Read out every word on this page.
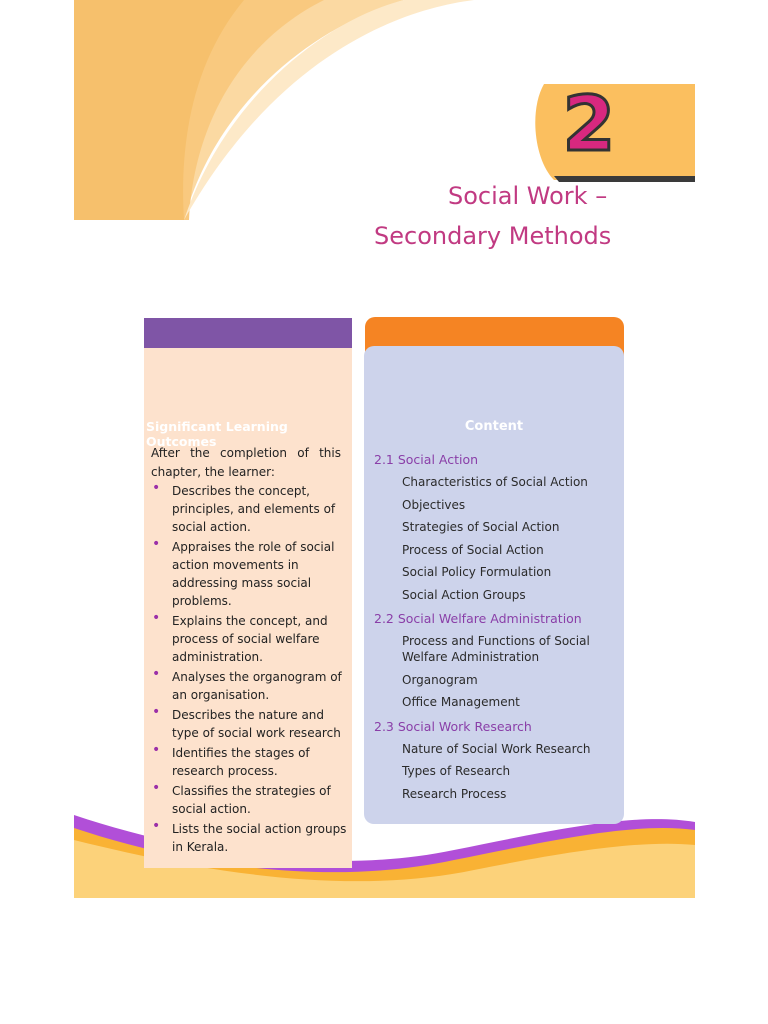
2
Social Work –
Secondary Methods
Significant Learning Outcomes
After the completion of this chapter, the learner:
• Describes the concept, principles, and elements of social action.
• Appraises the role of social action movements in addressing mass social problems.
• Explains the concept, and process of social welfare administration.
• Analyses the organogram of an organisation.
• Describes the nature and type of social work research
• Identifies the stages of research process.
• Classifies the strategies of social action.
• Lists the social action groups in Kerala.
Content
2.1 Social Action
Characteristics of Social Action
Objectives
Strategies of Social Action
Process of Social Action
Social Policy Formulation
Social Action Groups
2.2 Social Welfare Administration
Process and Functions of Social Welfare Administration
Organogram
Office Management
2.3 Social Work Research
Nature of Social Work Research
Types of Research
Research Process
